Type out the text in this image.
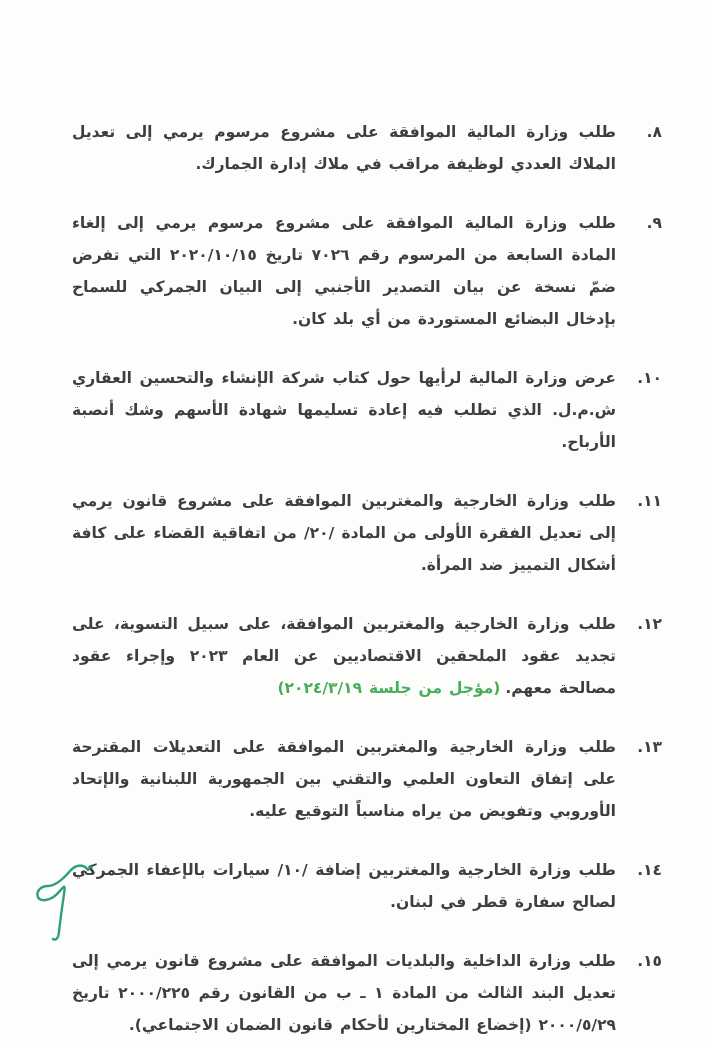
٨.
طلب وزارة المالية الموافقة على مشروع مرسوم يرمي إلى تعديل الملاك العددي لوظيفة مراقب في ملاك إدارة الجمارك.
٩.
طلب وزارة المالية الموافقة على مشروع مرسوم يرمي إلى إلغاء المادة السابعة من المرسوم رقم ٧٠٢٦ تاريخ ٢٠٢٠/١٠/١٥ التي تفرض ضمّ نسخة عن بيان التصدير الأجنبي إلى البيان الجمركي للسماح بإدخال البضائع المستوردة من أي بلد كان.
١٠.
عرض وزارة المالية لرأيها حول كتاب شركة الإنشاء والتحسين العقاري ش.م.ل. الذي تطلب فيه إعادة تسليمها شهادة الأسهم وشك أنصبة الأرباح.
١١.
طلب وزارة الخارجية والمغتربين الموافقة على مشروع قانون يرمي إلى تعديل الفقرة الأولى من المادة /٢٠/ من اتفاقية القضاء على كافة أشكال التمييز ضد المرأة.
١٢.
طلب وزارة الخارجية والمغتربين الموافقة، على سبيل التسوية، على تجديد عقود الملحقين الاقتصاديين عن العام ٢٠٢٣ وإجراء عقود مصالحة معهم.(مؤجل من جلسة ٢٠٢٤/٣/١٩)
١٣.
طلب وزارة الخارجية والمغتربين الموافقة على التعديلات المقترحة على إتفاق التعاون العلمي والتقني بين الجمهورية اللبنانية والإتحاد الأوروبي وتفويض من يراه مناسباً التوقيع عليه.
١٤.
طلب وزارة الخارجية والمغتربين إضافة /١٠/ سيارات بالإعفاء الجمركي لصالح سفارة قطر في لبنان.
١٥.
طلب وزارة الداخلية والبلديات الموافقة على مشروع قانون يرمي إلى تعديل البند الثالث من المادة ١ ـ ب من القانون رقم ٢٠٠٠/٢٢٥ تاريخ ٢٠٠٠/٥/٢٩ (إخضاع المختارين لأحكام قانون الضمان الاجتماعي).
